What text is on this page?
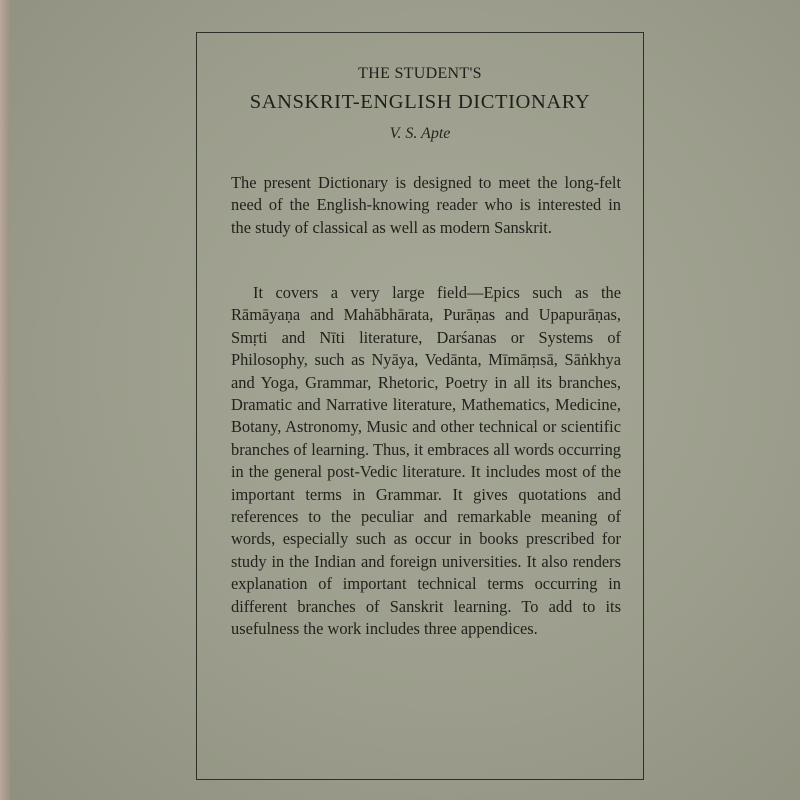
THE STUDENT'S
SANSKRIT-ENGLISH DICTIONARY
V. S. Apte
The present Dictionary is designed to meet the long-felt need of the English-knowing reader who is interested in the study of classical as well as modern Sanskrit.
It covers a very large field—Epics such as the Rāmāyaṇa and Mahābhārata, Purāṇas and Upapurāṇas, Smṛti and Nīti literature, Darśanas or Systems of Philosophy, such as Nyāya, Vedānta, Mīmāṃsā, Sāṅkhya and Yoga, Grammar, Rhetoric, Poetry in all its branches, Dramatic and Narrative literature, Mathematics, Medicine, Botany, Astronomy, Music and other technical or scientific branches of learning. Thus, it embraces all words occurring in the general post-Vedic literature. It includes most of the important terms in Grammar. It gives quotations and references to the peculiar and remarkable meaning of words, especially such as occur in books prescribed for study in the Indian and foreign universities. It also renders explanation of important technical terms occurring in different branches of Sanskrit learning. To add to its usefulness the work includes three appendices.
